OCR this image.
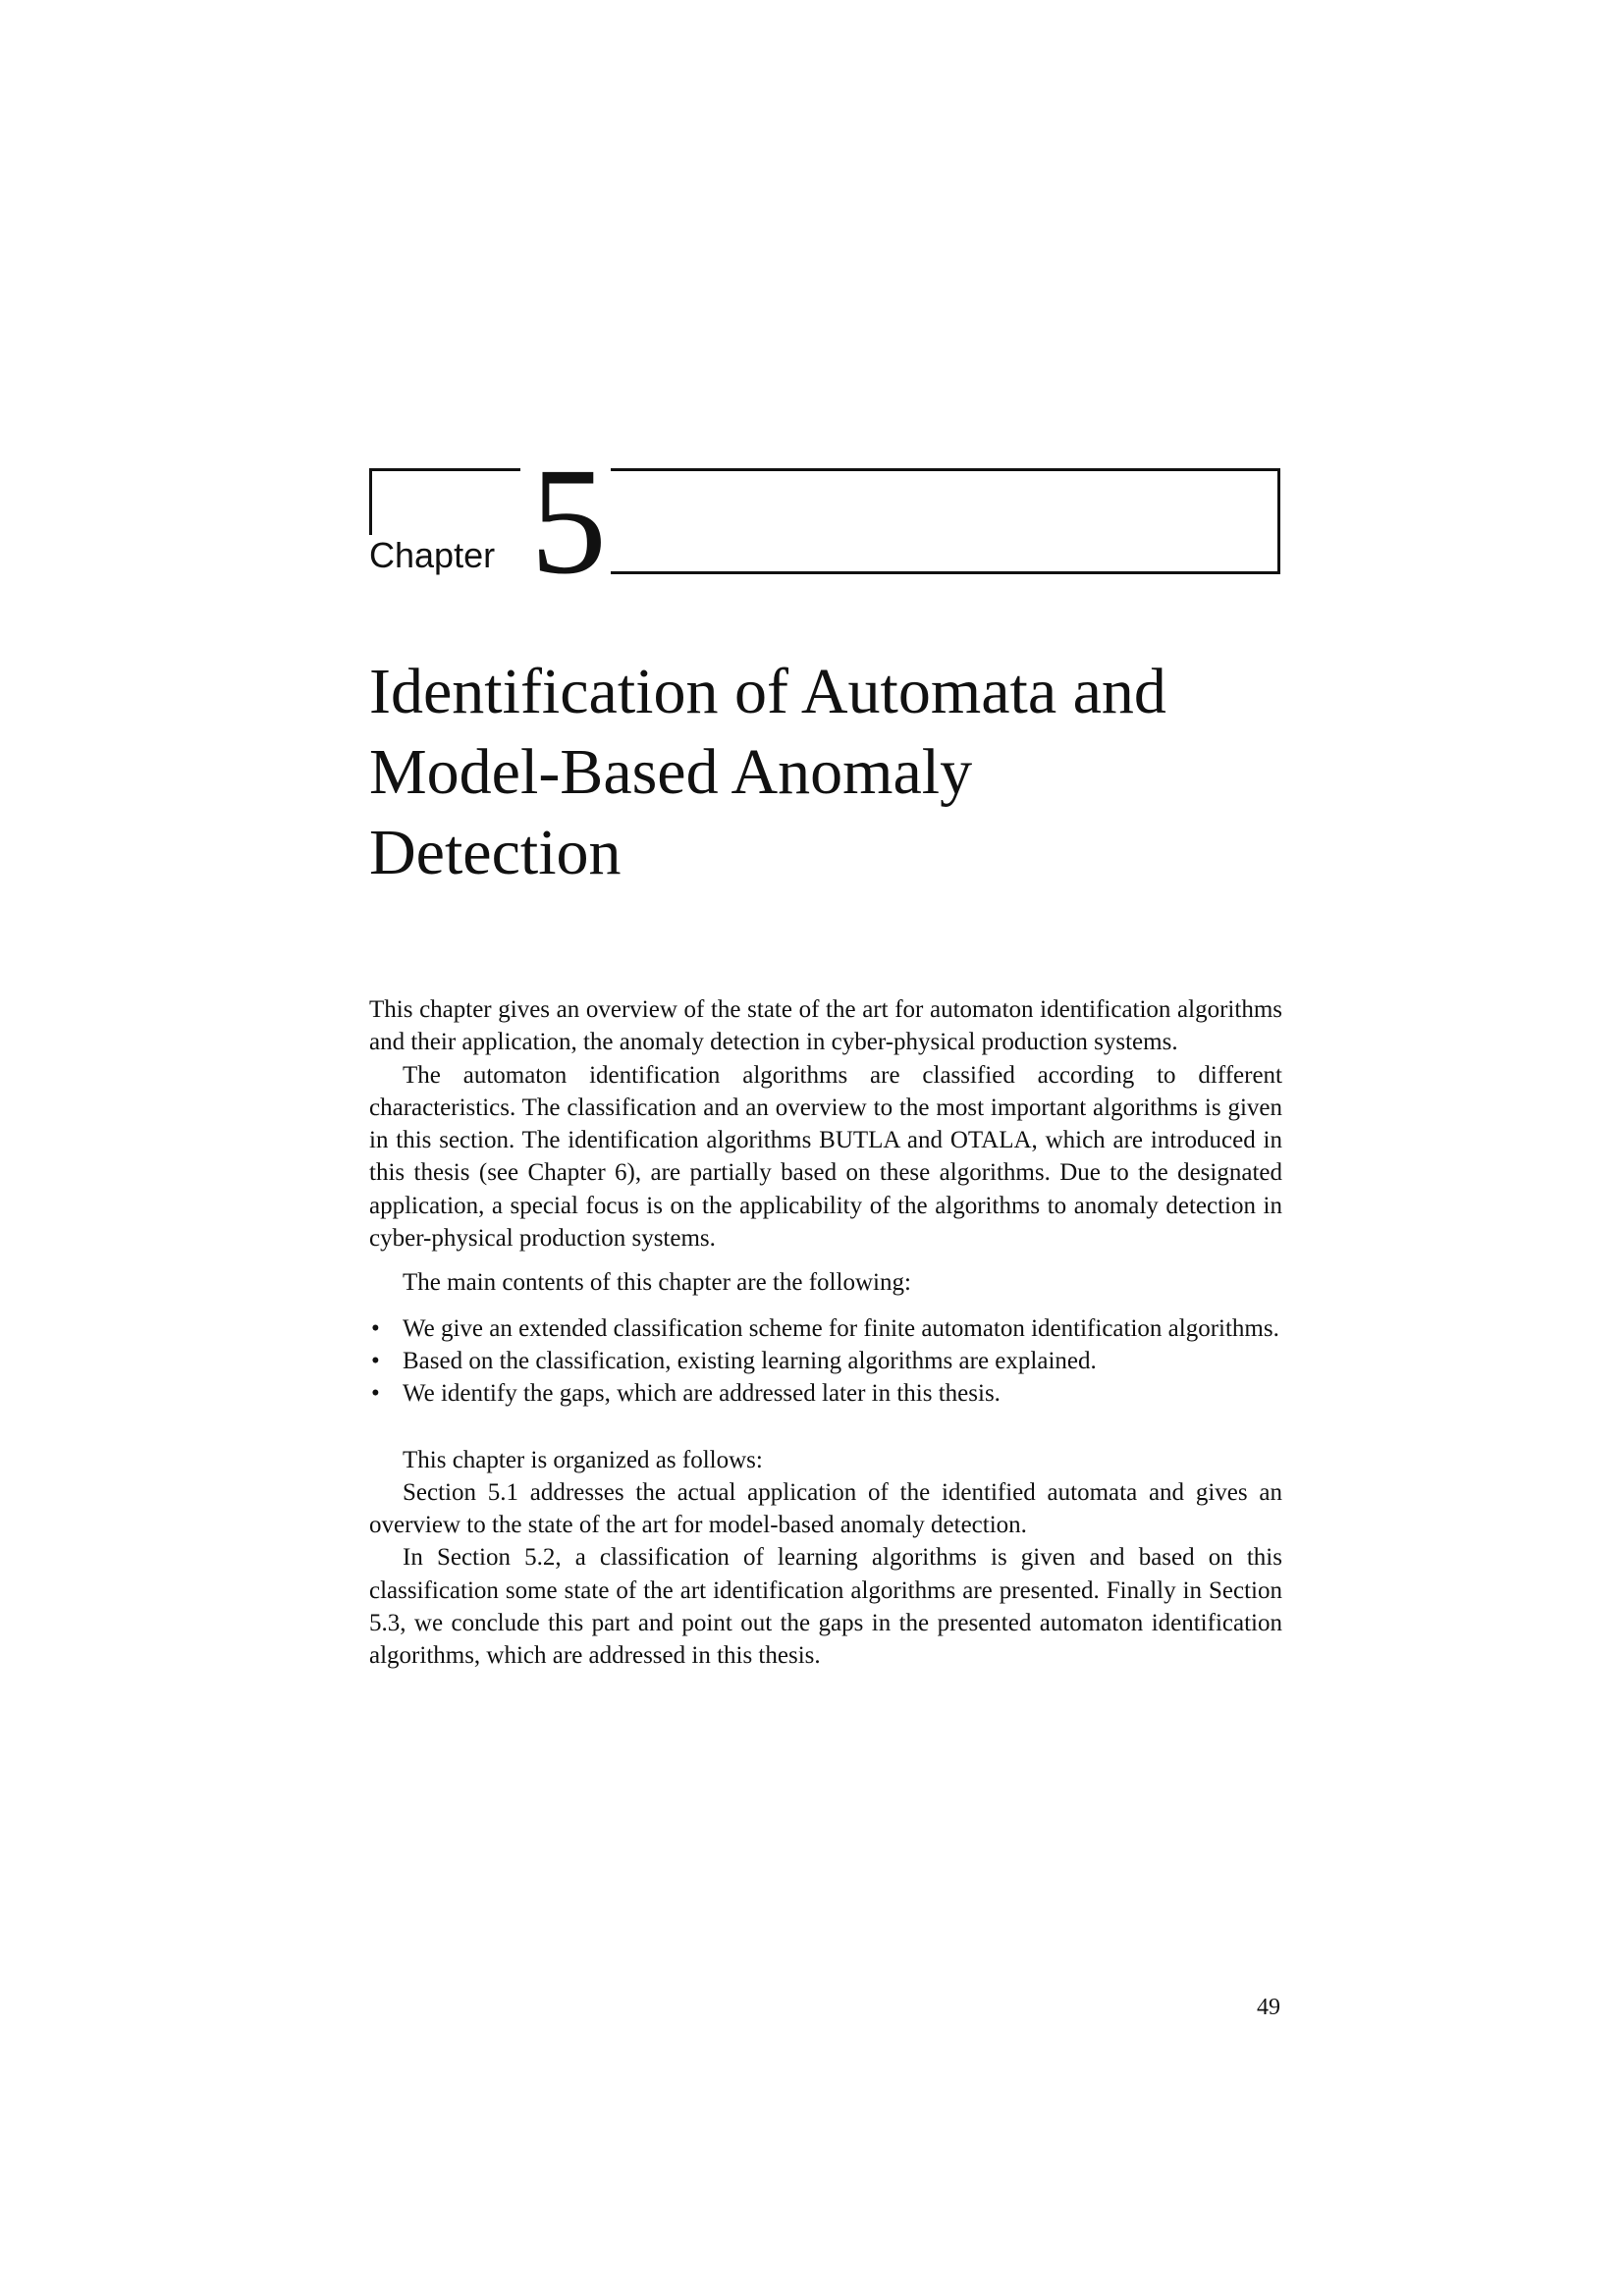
Chapter 5
Identification of Automata and
Model-Based Anomaly
Detection

This chapter gives an overview of the state of the art for automaton identification algorithms and their application, the anomaly detection in cyber-physical production systems.

The automaton identification algorithms are classified according to different characteristics. The classification and an overview to the most important algorithms is given in this section. The identification algorithms BUTLA and OTALA, which are introduced in this thesis (see Chapter 6), are partially based on these algorithms. Due to the designated application, a special focus is on the applicability of the algorithms to anomaly detection in cyber-physical production systems.

The main contents of this chapter are the following:

• We give an extended classification scheme for finite automaton identification algorithms.
• Based on the classification, existing learning algorithms are explained.
• We identify the gaps, which are addressed later in this thesis.

This chapter is organized as follows:

Section 5.1 addresses the actual application of the identified automata and gives an overview to the state of the art for model-based anomaly detection.

In Section 5.2, a classification of learning algorithms is given and based on this classification some state of the art identification algorithms are presented. Finally in Section 5.3, we conclude this part and point out the gaps in the presented automaton identification algorithms, which are addressed in this thesis.

49
